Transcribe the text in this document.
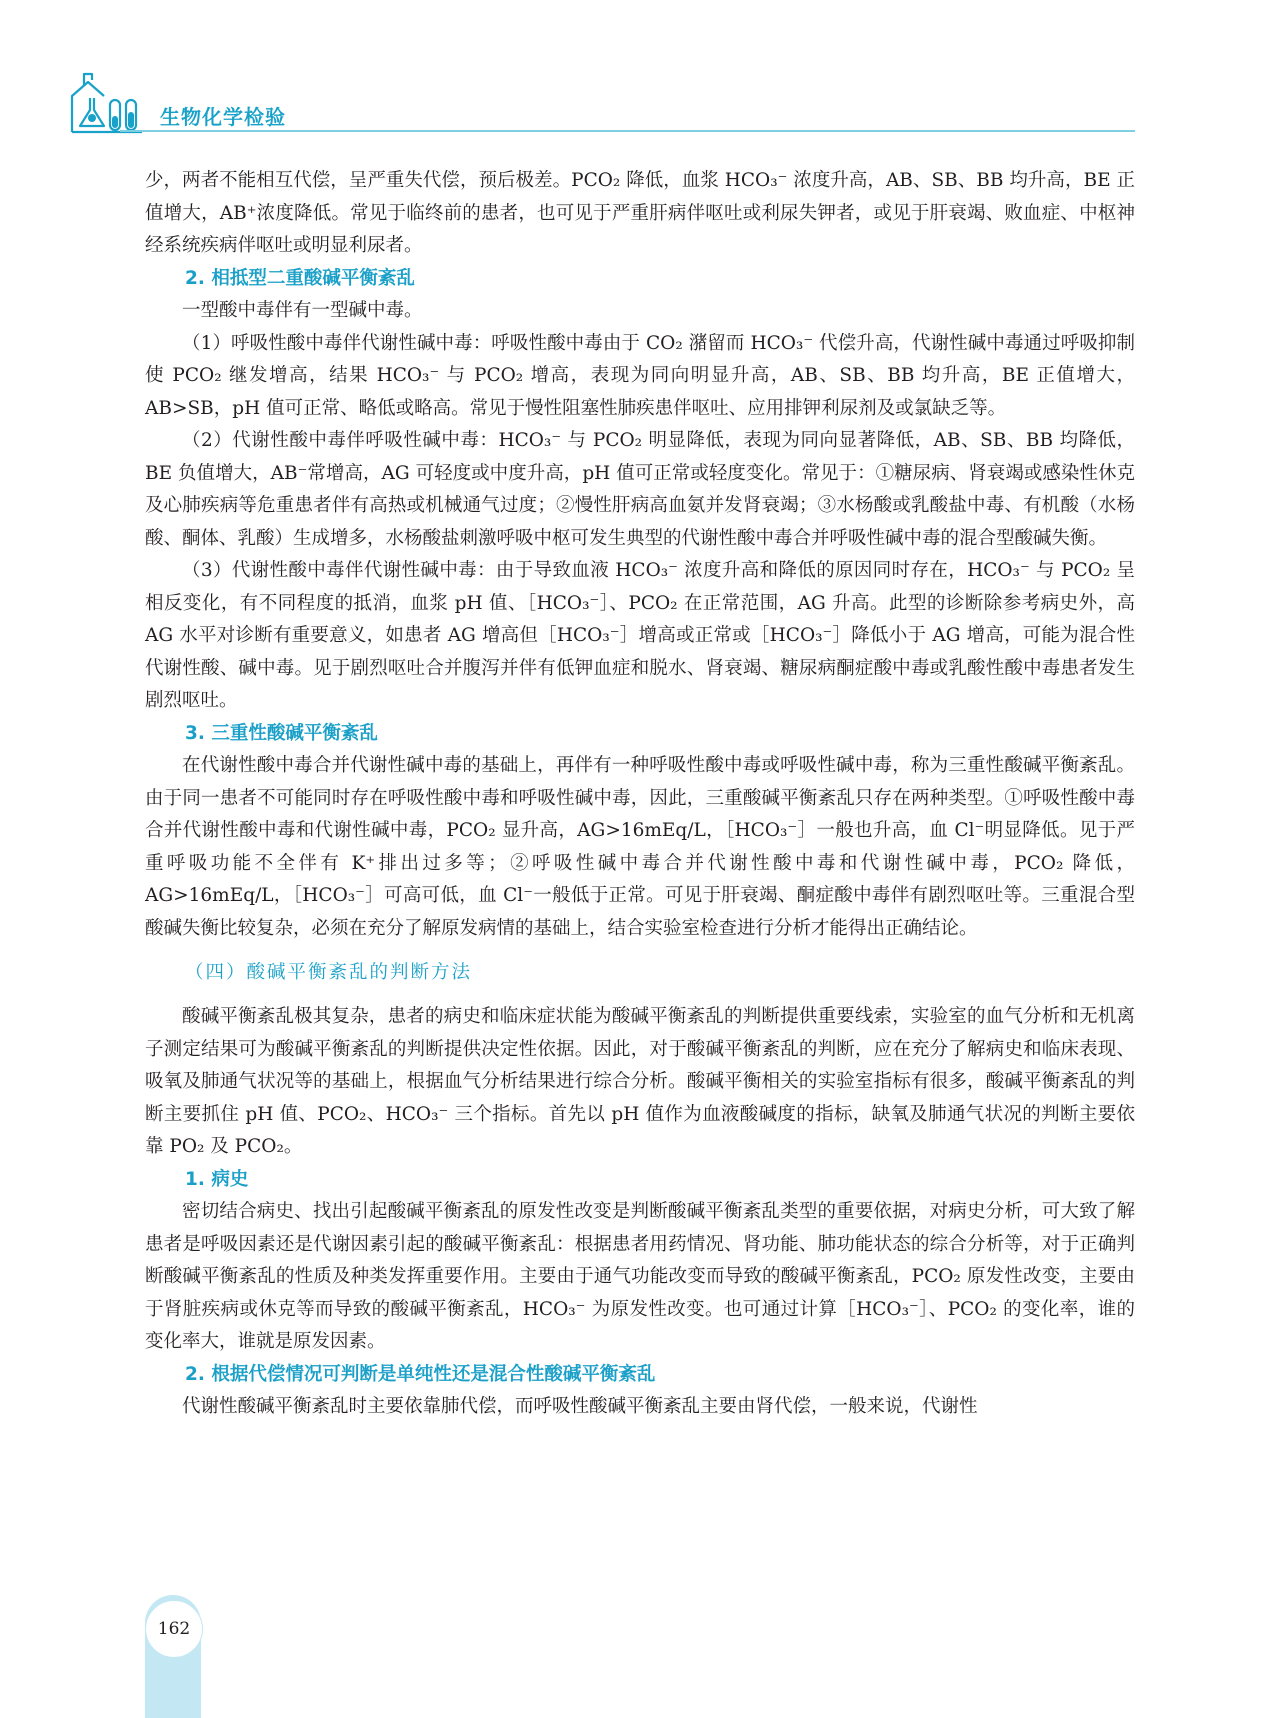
生物化学检验

少，两者不能相互代偿，呈严重失代偿，预后极差。PCO₂ 降低，血浆 HCO₃⁻ 浓度升高，AB、SB、BB 均升高，BE 正值增大，AB⁺浓度降低。常见于临终前的患者，也可见于严重肝病伴呕吐或利尿失钾者，或见于肝衰竭、败血症、中枢神经系统疾病伴呕吐或明显利尿者。

2. 相抵型二重酸碱平衡紊乱

一型酸中毒伴有一型碱中毒。

（1）呼吸性酸中毒伴代谢性碱中毒：呼吸性酸中毒由于 CO₂ 潴留而 HCO₃⁻ 代偿升高，代谢性碱中毒通过呼吸抑制使 PCO₂ 继发增高，结果 HCO₃⁻ 与 PCO₂ 增高，表现为同向明显升高，AB、SB、BB 均升高，BE 正值增大，AB>SB，pH 值可正常、略低或略高。常见于慢性阻塞性肺疾患伴呕吐、应用排钾利尿剂及或氯缺乏等。

（2）代谢性酸中毒伴呼吸性碱中毒：HCO₃⁻ 与 PCO₂ 明显降低，表现为同向显著降低，AB、SB、BB 均降低，BE 负值增大，AB⁻常增高，AG 可轻度或中度升高，pH 值可正常或轻度变化。常见于：①糖尿病、肾衰竭或感染性休克及心肺疾病等危重患者伴有高热或机械通气过度；②慢性肝病高血氨并发肾衰竭；③水杨酸或乳酸盐中毒、有机酸（水杨酸、酮体、乳酸）生成增多，水杨酸盐刺激呼吸中枢可发生典型的代谢性酸中毒合并呼吸性碱中毒的混合型酸碱失衡。

（3）代谢性酸中毒伴代谢性碱中毒：由于导致血液 HCO₃⁻ 浓度升高和降低的原因同时存在，HCO₃⁻ 与 PCO₂ 呈相反变化，有不同程度的抵消，血浆 pH 值、［HCO₃⁻］、PCO₂ 在正常范围，AG 升高。此型的诊断除参考病史外，高 AG 水平对诊断有重要意义，如患者 AG 增高但［HCO₃⁻］增高或正常或［HCO₃⁻］降低小于 AG 增高，可能为混合性代谢性酸、碱中毒。见于剧烈呕吐合并腹泻并伴有低钾血症和脱水、肾衰竭、糖尿病酮症酸中毒或乳酸性酸中毒患者发生剧烈呕吐。

3. 三重性酸碱平衡紊乱

在代谢性酸中毒合并代谢性碱中毒的基础上，再伴有一种呼吸性酸中毒或呼吸性碱中毒，称为三重性酸碱平衡紊乱。由于同一患者不可能同时存在呼吸性酸中毒和呼吸性碱中毒，因此，三重酸碱平衡紊乱只存在两种类型。①呼吸性酸中毒合并代谢性酸中毒和代谢性碱中毒，PCO₂ 显升高，AG>16mEq/L，［HCO₃⁻］一般也升高，血 Cl⁻明显降低。见于严重呼吸功能不全伴有 K⁺排出过多等；②呼吸性碱中毒合并代谢性酸中毒和代谢性碱中毒，PCO₂ 降低，AG>16mEq/L，［HCO₃⁻］可高可低，血 Cl⁻一般低于正常。可见于肝衰竭、酮症酸中毒伴有剧烈呕吐等。三重混合型酸碱失衡比较复杂，必须在充分了解原发病情的基础上，结合实验室检查进行分析才能得出正确结论。

（四）酸碱平衡紊乱的判断方法

酸碱平衡紊乱极其复杂，患者的病史和临床症状能为酸碱平衡紊乱的判断提供重要线索，实验室的血气分析和无机离子测定结果可为酸碱平衡紊乱的判断提供决定性依据。因此，对于酸碱平衡紊乱的判断，应在充分了解病史和临床表现、吸氧及肺通气状况等的基础上，根据血气分析结果进行综合分析。酸碱平衡相关的实验室指标有很多，酸碱平衡紊乱的判断主要抓住 pH 值、PCO₂、HCO₃⁻ 三个指标。首先以 pH 值作为血液酸碱度的指标，缺氧及肺通气状况的判断主要依靠 PO₂ 及 PCO₂。

1. 病史

密切结合病史、找出引起酸碱平衡紊乱的原发性改变是判断酸碱平衡紊乱类型的重要依据，对病史分析，可大致了解患者是呼吸因素还是代谢因素引起的酸碱平衡紊乱：根据患者用药情况、肾功能、肺功能状态的综合分析等，对于正确判断酸碱平衡紊乱的性质及种类发挥重要作用。主要由于通气功能改变而导致的酸碱平衡紊乱，PCO₂ 原发性改变，主要由于肾脏疾病或休克等而导致的酸碱平衡紊乱，HCO₃⁻ 为原发性改变。也可通过计算［HCO₃⁻］、PCO₂ 的变化率，谁的变化率大，谁就是原发因素。

2. 根据代偿情况可判断是单纯性还是混合性酸碱平衡紊乱

代谢性酸碱平衡紊乱时主要依靠肺代偿，而呼吸性酸碱平衡紊乱主要由肾代偿，一般来说，代谢性

162
